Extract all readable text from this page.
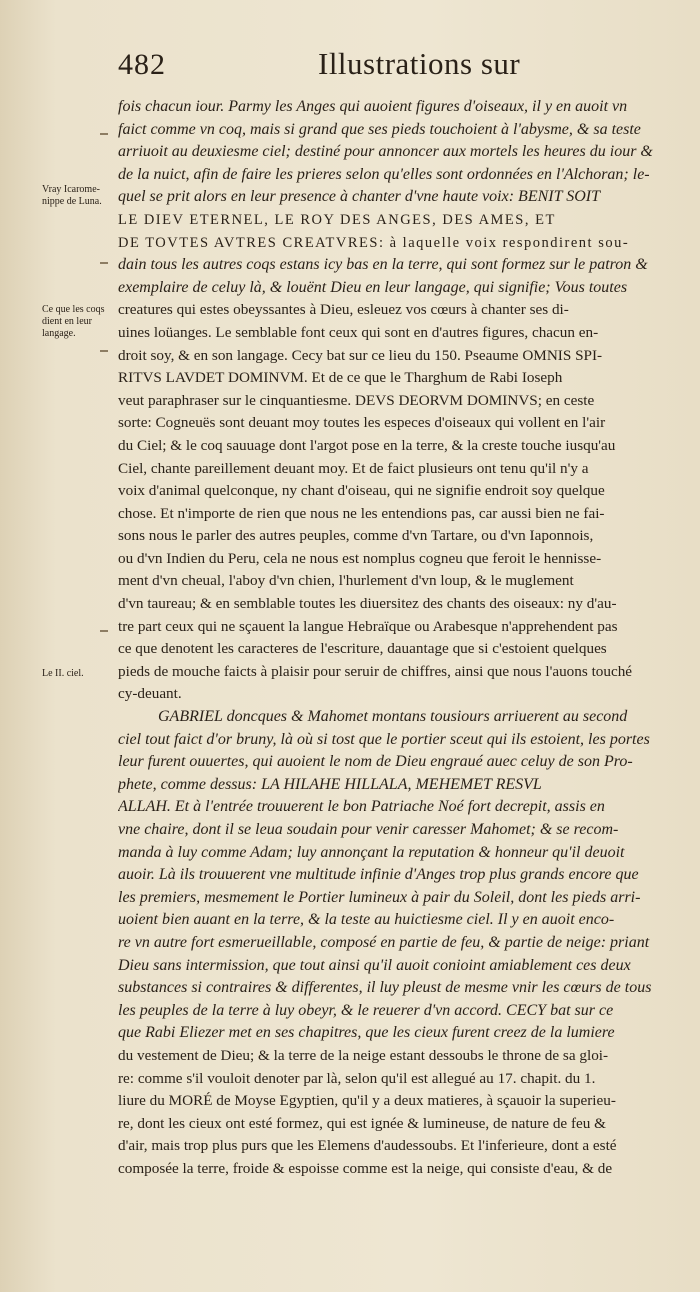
482	Illustrations sur
Vray Icarome-nippe de Luna.
Ce que les coqs dient en leur langage.
Le II. ciel.
fois chacun iour. Parmy les Anges qui auoient figures d'oiseaux, il y en auoit vn
faict comme vn coq, mais si grand que ses pieds touchoient à l'abysme, & sa teste
arriuoit au deuxiesme ciel; destiné pour annoncer aux mortels les heures du iour &
de la nuict, afin de faire les prieres selon qu'elles sont ordonnées en l'Alchoran; le-
quel se prit alors en leur presence à chanter d'vne haute voix: BENIT SOIT
LE DIEV ETERNEL, LE ROY DES ANGES, DES AMES, ET
DE TOVTES AVTRES CREATVRES: à laquelle voix respondirent sou-
dain tous les autres coqs estans icy bas en la terre, qui sont formez sur le patron &
exemplaire de celuy là, & louënt Dieu en leur langage, qui signifie; Vous toutes
creatures qui estes obeyssantes à Dieu, esleuez vos cœurs à chanter ses di-
uines loüanges. Le semblable font ceux qui sont en d'autres figures, chacun en-
droit soy, & en son langage. Cecy bat sur ce lieu du 150. Pseaume OMNIS SPI-
RITVS LAVDET DOMINVM. Et de ce que le Tharghum de Rabi Ioseph
veut paraphraser sur le cinquantiesme. DEVS DEORVM DOMINVS; en ceste
sorte: Cogneuës sont deuant moy toutes les especes d'oiseaux qui vollent en l'air
du Ciel; & le coq sauuage dont l'argot pose en la terre, & la creste touche iusqu'au
Ciel, chante pareillement deuant moy. Et de faict plusieurs ont tenu qu'il n'y a
voix d'animal quelconque, ny chant d'oiseau, qui ne signifie endroit soy quelque
chose. Et n'importe de rien que nous ne les entendions pas, car aussi bien ne fai-
sons nous le parler des autres peuples, comme d'vn Tartare, ou d'vn Iaponnois,
ou d'vn Indien du Peru, cela ne nous est nomplus cogneu que feroit le hennisse-
ment d'vn cheual, l'aboy d'vn chien, l'hurlement d'vn loup, & le muglement
d'vn taureau; & en semblable toutes les diuersitez des chants des oiseaux: ny d'au-
tre part ceux qui ne sçauent la langue Hebraïque ou Arabesque n'apprehendent pas
ce que denotent les caracteres de l'escriture, dauantage que si c'estoient quelques
pieds de mouche faicts à plaisir pour seruir de chiffres, ainsi que nous l'auons touché
cy-deuant.
GABRIEL doncques & Mahomet montans tousiours arriuerent au second
ciel tout faict d'or bruny, là où si tost que le portier sceut qui ils estoient, les portes
leur furent ouuertes, qui auoient le nom de Dieu engraué auec celuy de son Pro-
phete, comme dessus: LA HILAHE HILLALA, MEHEMET RESVL
ALLAH. Et à l'entrée trouuerent le bon Patriache Noé fort decrepit, assis en
vne chaire, dont il se leua soudain pour venir caresser Mahomet; & se recom-
manda à luy comme Adam; luy annonçant la reputation & honneur qu'il deuoit
auoir. Là ils trouuerent vne multitude infinie d'Anges trop plus grands encore que
les premiers, mesmement le Portier lumineux à pair du Soleil, dont les pieds arri-
uoient bien auant en la terre, & la teste au huictiesme ciel. Il y en auoit enco-
re vn autre fort esmerueillable, composé en partie de feu, & partie de neige: priant
Dieu sans intermission, que tout ainsi qu'il auoit conioint amiablement ces deux
substances si contraires & differentes, il luy pleust de mesme vnir les cœurs de tous
les peuples de la terre à luy obeyr, & le reuerer d'vn accord. CECY bat sur ce
que Rabi Eliezer met en ses chapitres, que les cieux furent creez de la lumiere
du vestement de Dieu; & la terre de la neige estant dessoubs le throne de sa gloi-
re: comme s'il vouloit denoter par là, selon qu'il est allegué au 17. chapit. du 1.
liure du MORÉ de Moyse Egyptien, qu'il y a deux matieres, à sçauoir la superieu-
re, dont les cieux ont esté formez, qui est ignée & lumineuse, de nature de feu &
d'air, mais trop plus purs que les Elemens d'audessoubs. Et l'inferieure, dont a esté
composée la terre, froide & espoisse comme est la neige, qui consiste d'eau, & de
